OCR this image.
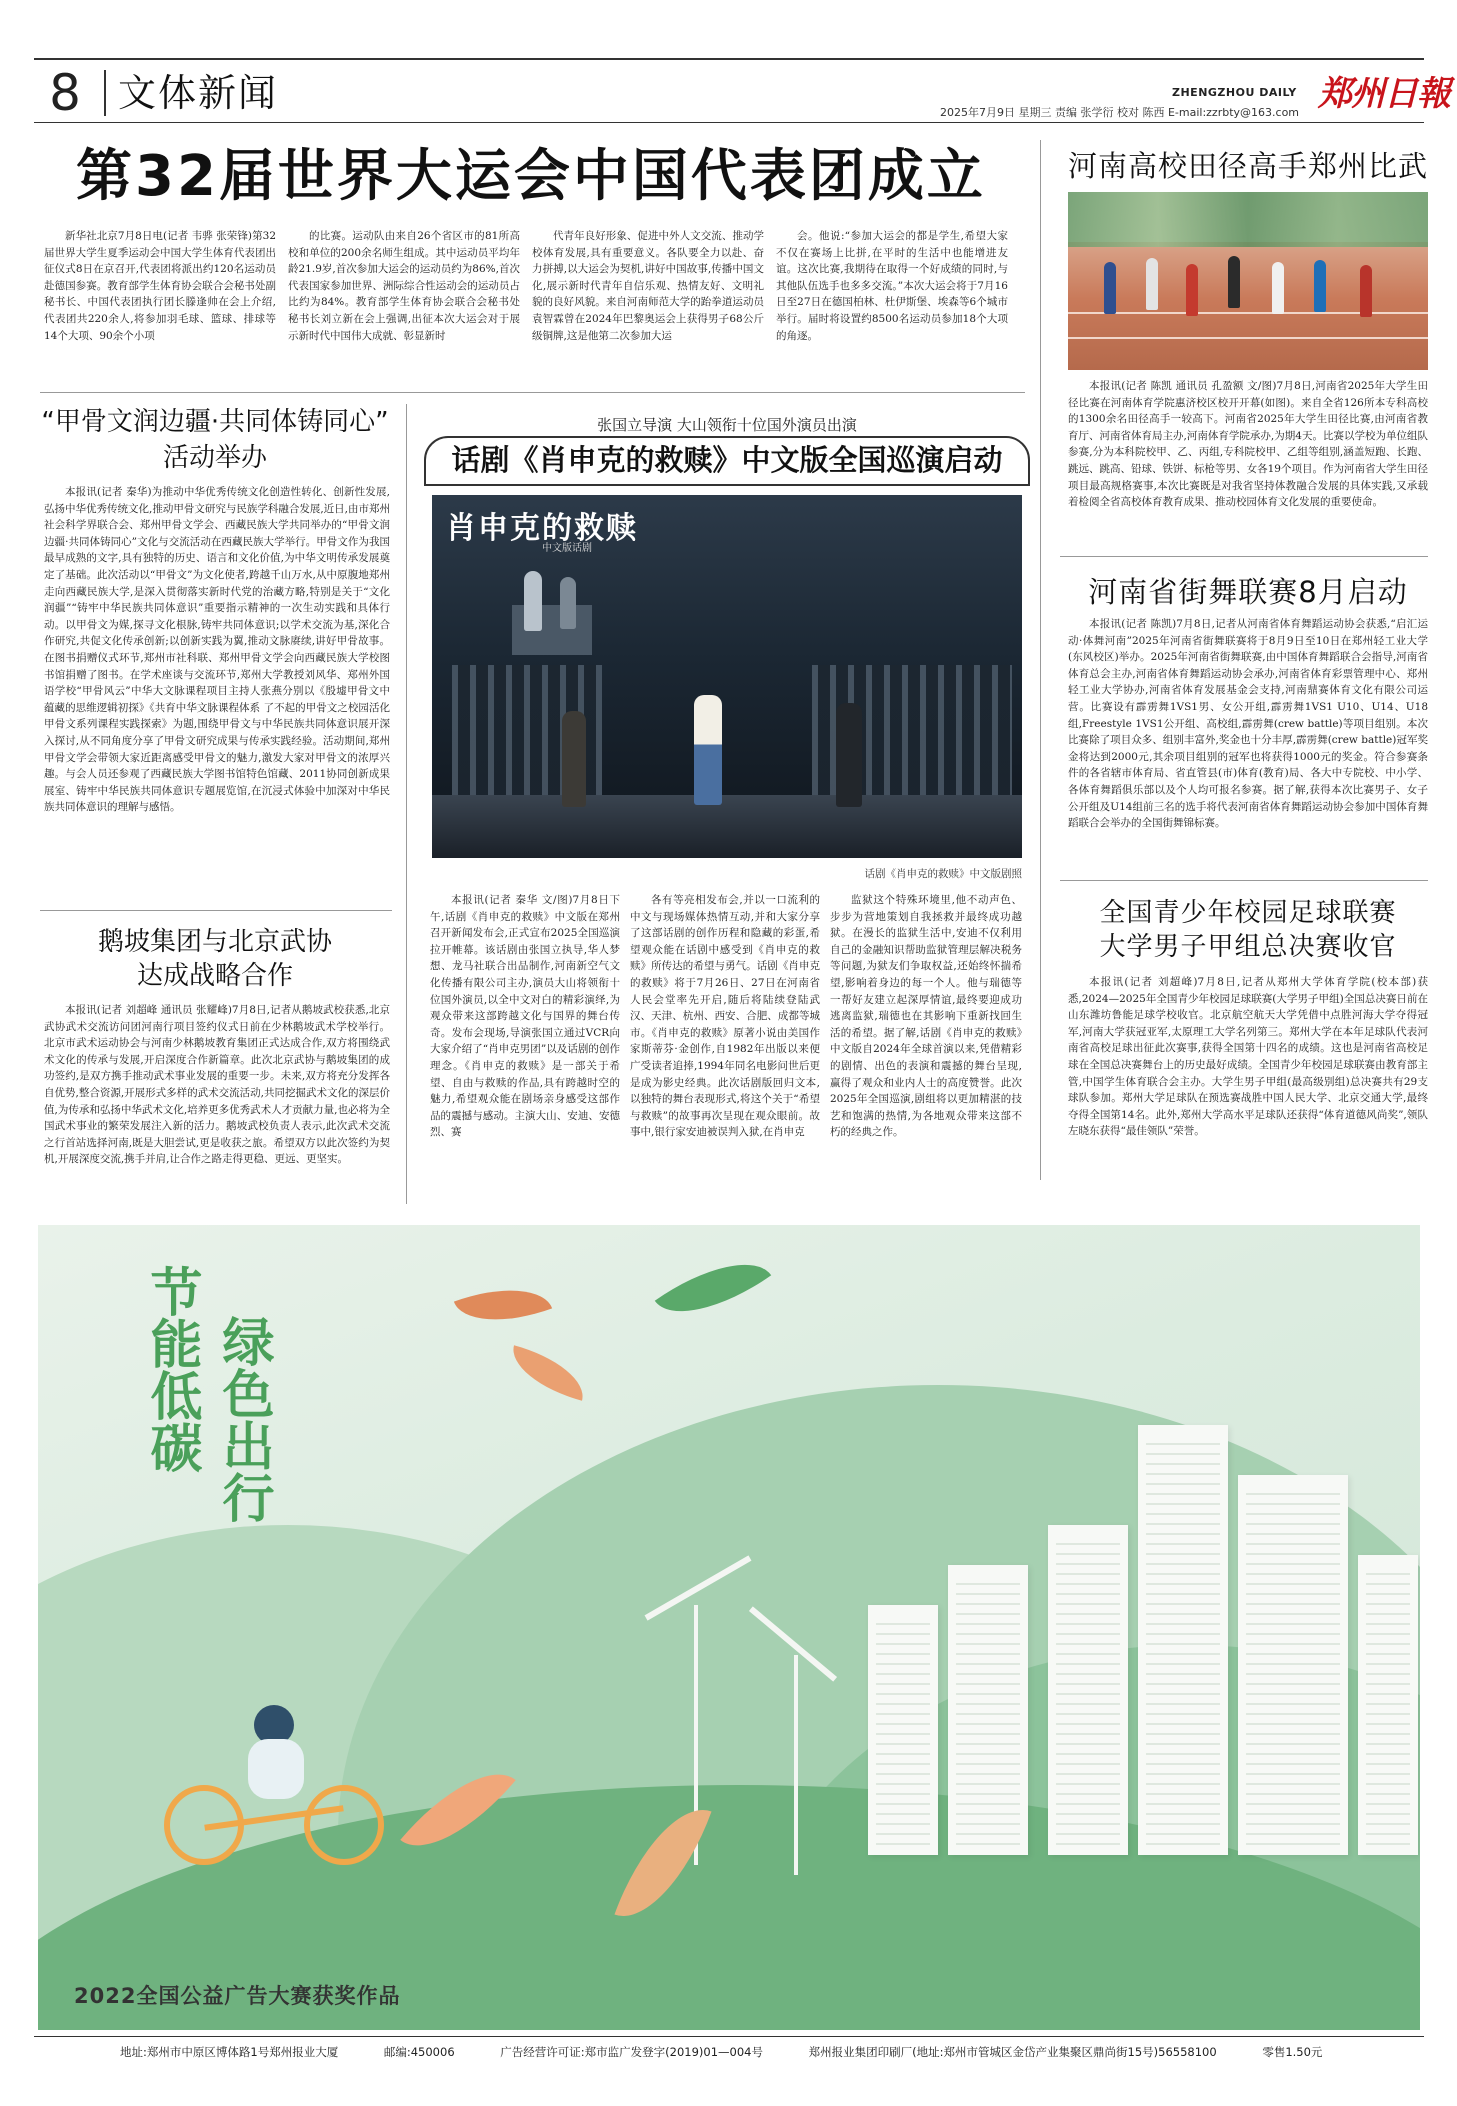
8 文体新闻	ZHENGZHOU DAILY 郑州日報
2025年7月9日 星期三 责编 张学衍 校对 陈西 E-mail:zzrbty@163.com
第32届世界大运会中国代表团成立
新华社北京7月8日电(记者 韦骅 张荣锋)第32届世界大学生夏季运动会中国大学生体育代表团出征仪式8日在京召开,代表团将派出约120名运动员赴德国参赛。教育部学生体育协会联合会秘书处副秘书长、中国代表团执行团长滕逢帅在会上介绍,代表团共220余人,将参加羽毛球、篮球、排球等14个大项、90余个小项
的比赛。运动队由来自26个省区市的81所高校和单位的200余名师生组成。其中运动员平均年龄21.9岁,首次参加大运会的运动员约为86%,首次代表国家参加世界、洲际综合性运动会的运动员占比约为84%。教育部学生体育协会联合会秘书处秘书长刘立新在会上强调,出征本次大运会对于展示新时代中国伟大成就、彰显新时
代青年良好形象、促进中外人文交流、推动学校体育发展,具有重要意义。各队要全力以赴、奋力拼搏,以大运会为契机,讲好中国故事,传播中国文化,展示新时代青年自信乐观、热情友好、文明礼貌的良好风貌。来自河南师范大学的跆拳道运动员袁智霖曾在2024年巴黎奥运会上获得男子68公斤级铜牌,这是他第二次参加大运
会。他说:“参加大运会的都是学生,希望大家不仅在赛场上比拼,在平时的生活中也能增进友谊。这次比赛,我期待在取得一个好成绩的同时,与其他队伍选手也多多交流。”本次大运会将于7月16日至27日在德国柏林、杜伊斯堡、埃森等6个城市举行。届时将设置约8500名运动员参加18个大项的角逐。
河南高校田径高手郑州比武
本报讯(记者 陈凯 通讯员 孔盈额 文/图)7月8日,河南省2025年大学生田径比赛在河南体育学院惠济校区校开开幕(如图)。来自全省126所本专科高校的1300余名田径高手一较高下。河南省2025年大学生田径比赛,由河南省教育厅、河南省体育局主办,河南体育学院承办,为期4天。比赛以学校为单位组队参赛,分为本科院校甲、乙、丙组,专科院校甲、乙组等组别,涵盖短跑、长跑、跳远、跳高、铅球、铁饼、标枪等男、女各19个项目。作为河南省大学生田径项目最高规格赛事,本次比赛既是对我省坚持体教融合发展的具体实践,又承载着检阅全省高校体育教育成果、推动校园体育文化发展的重要使命。
河南省街舞联赛8月启动
本报讯(记者 陈凯)7月8日,记者从河南省体育舞蹈运动协会获悉,“启汇运动·体舞河南”2025年河南省街舞联赛将于8月9日至10日在郑州轻工业大学(东风校区)举办。2025年河南省街舞联赛,由中国体育舞蹈联合会指导,河南省体育总会主办,河南省体育舞蹈运动协会承办,河南省体育彩票管理中心、郑州轻工业大学协办,河南省体育发展基金会支持,河南鼎赛体育文化有限公司运营。比赛设有霹雳舞1VS1男、女公开组,霹雳舞1VS1 U10、U14、U18组,Freestyle 1VS1公开组、高校组,霹雳舞(crew battle)等项目组别。本次比赛除了项目众多、组别丰富外,奖金也十分丰厚,霹雳舞(crew battle)冠军奖金将达到2000元,其余项目组别的冠军也将获得1000元的奖金。符合参赛条件的各省辖市体育局、省直管县(市)体育(教育)局、各大中专院校、中小学、各体育舞蹈俱乐部以及个人均可报名参赛。据了解,获得本次比赛男子、女子公开组及U14组前三名的选手将代表河南省体育舞蹈运动协会参加中国体育舞蹈联合会举办的全国街舞锦标赛。
全国青少年校园足球联赛
大学男子甲组总决赛收官
本报讯(记者 刘超峰)7月8日,记者从郑州大学体育学院(校本部)获悉,2024—2025年全国青少年校园足球联赛(大学男子甲组)全国总决赛日前在山东潍坊鲁能足球学校收官。北京航空航天大学凭借中点胜河海大学夺得冠军,河南大学获冠亚军,太原理工大学名列第三。郑州大学在本年足球队代表河南省高校足球出征此次赛事,获得全国第十四名的成绩。这也是河南省高校足球在全国总决赛舞台上的历史最好成绩。全国青少年校园足球联赛由教育部主管,中国学生体育联合会主办。大学生男子甲组(最高级别组)总决赛共有29支球队参加。郑州大学足球队在预选赛战胜中国人民大学、北京交通大学,最终夺得全国第14名。此外,郑州大学高水平足球队还获得“体育道德风尚奖”,领队左晓东获得“最佳领队”荣誉。
“甲骨文润边疆·共同体铸同心”
活动举办
本报讯(记者 秦华)为推动中华优秀传统文化创造性转化、创新性发展,弘扬中华优秀传统文化,推动甲骨文研究与民族学科融合发展,近日,由市郑州社会科学界联合会、郑州甲骨文学会、西藏民族大学共同举办的“甲骨文润边疆·共同体铸同心”文化与交流活动在西藏民族大学举行。甲骨文作为我国最早成熟的文字,具有独特的历史、语言和文化价值,为中华文明传承发展奠定了基础。此次活动以“甲骨文”为文化使者,跨越千山万水,从中原腹地郑州走向西藏民族大学,是深入贯彻落实新时代党的治藏方略,特别是关于“文化润疆”“铸牢中华民族共同体意识”重要指示精神的一次生动实践和具体行动。以甲骨文为媒,探寻文化根脉,铸牢共同体意识;以学术交流为基,深化合作研究,共促文化传承创新;以创新实践为翼,推动文脉赓续,讲好甲骨故事。在图书捐赠仪式环节,郑州市社科联、郑州甲骨文学会向西藏民族大学校图书馆捐赠了图书。在学术座谈与交流环节,郑州大学教授刘风华、郑州外国语学校“甲骨风云”中华大文脉课程项目主持人张燕分别以《殷墟甲骨文中蕴藏的思维逻辑初探》《共育中华文脉课程体系 了不起的甲骨文之校园活化甲骨文系列课程实践探索》为题,围绕甲骨文与中华民族共同体意识展开深入探讨,从不同角度分享了甲骨文研究成果与传承实践经验。活动期间,郑州甲骨文学会带领大家近距离感受甲骨文的魅力,激发大家对甲骨文的浓厚兴趣。与会人员还参观了西藏民族大学图书馆特色馆藏、2011协同创新成果展室、铸牢中华民族共同体意识专题展览馆,在沉浸式体验中加深对中华民族共同体意识的理解与感悟。
鹅坡集团与北京武协
达成战略合作
本报讯(记者 刘超峰 通讯员 张耀峰)7月8日,记者从鹅坡武校获悉,北京武协武术交流访问团河南行项目签约仪式日前在少林鹅坡武术学校举行。北京市武术运动协会与河南少林鹅坡教育集团正式达成合作,双方将围绕武术文化的传承与发展,开启深度合作新篇章。此次北京武协与鹅坡集团的成功签约,是双方携手推动武术事业发展的重要一步。未来,双方将充分发挥各自优势,整合资源,开展形式多样的武术交流活动,共同挖掘武术文化的深层价值,为传承和弘扬中华武术文化,培养更多优秀武术人才贡献力量,也必将为全国武术事业的繁荣发展注入新的活力。鹅坡武校负责人表示,此次武术交流之行首站选择河南,既是大胆尝试,更是收获之旅。希望双方以此次签约为契机,开展深度交流,携手并肩,让合作之路走得更稳、更远、更坚实。
张国立导演 大山领衔十位国外演员出演
话剧《肖申克的救赎》中文版全国巡演启动
肖申克的救赎
中文版话剧
话剧《肖申克的救赎》中文版剧照
本报讯(记者 秦华 文/图)7月8日下午,话剧《肖申克的救赎》中文版在郑州召开新闻发布会,正式宣布2025全国巡演拉开帷幕。该话剧由张国立执导,华人梦想、龙马社联合出品制作,河南新空气文化传播有限公司主办,演员大山将领衔十位国外演员,以全中文对白的精彩演绎,为观众带来这部跨越文化与国界的舞台传奇。发布会现场,导演张国立通过VCR向大家介绍了“肖申克男团”以及话剧的创作理念。《肖申克的救赎》是一部关于希望、自由与救赎的作品,具有跨越时空的魅力,希望观众能在剧场亲身感受这部作品的震撼与感动。主演大山、安迪、安德烈、赛
各有等亮相发布会,并以一口流利的中文与现场媒体热情互动,并和大家分享了这部话剧的创作历程和隐藏的彩蛋,希望观众能在话剧中感受到《肖申克的救赎》所传达的希望与勇气。话剧《肖申克的救赎》将于7月26日、27日在河南省人民会堂率先开启,随后将陆续登陆武汉、天津、杭州、西安、合肥、成都等城市。《肖申克的救赎》原著小说由美国作家斯蒂芬·金创作,自1982年出版以来便广受读者追捧,1994年同名电影问世后更是成为影史经典。此次话剧版回归文本,以独特的舞台表现形式,将这个关于“希望与救赎”的故事再次呈现在观众眼前。故事中,银行家安迪被误判入狱,在肖申克
监狱这个特殊环境里,他不动声色、步步为营地策划自我拯救并最终成功越狱。在漫长的监狱生活中,安迪不仅利用自己的金融知识帮助监狱管理层解决税务等问题,为狱友们争取权益,还始终怀揣希望,影响着身边的每一个人。他与瑞德等一帮好友建立起深厚情谊,最终要迎成功逃离监狱,瑞德也在其影响下重新找回生活的希望。据了解,话剧《肖申克的救赎》中文版自2024年全球首演以来,凭借精彩的剧情、出色的表演和震撼的舞台呈现,赢得了观众和业内人士的高度赞誉。此次2025年全国巡演,剧组将以更加精湛的技艺和饱满的热情,为各地观众带来这部不朽的经典之作。
节能低碳 绿色出行
2022全国公益广告大赛获奖作品
地址:郑州市中原区博体路1号郑州报业大厦	邮编:450006	广告经营许可证:郑市监广发登字(2019)01—004号	郑州报业集团印刷厂(地址:郑州市管城区金岱产业集聚区鼎尚街15号)56558100	零售1.50元
